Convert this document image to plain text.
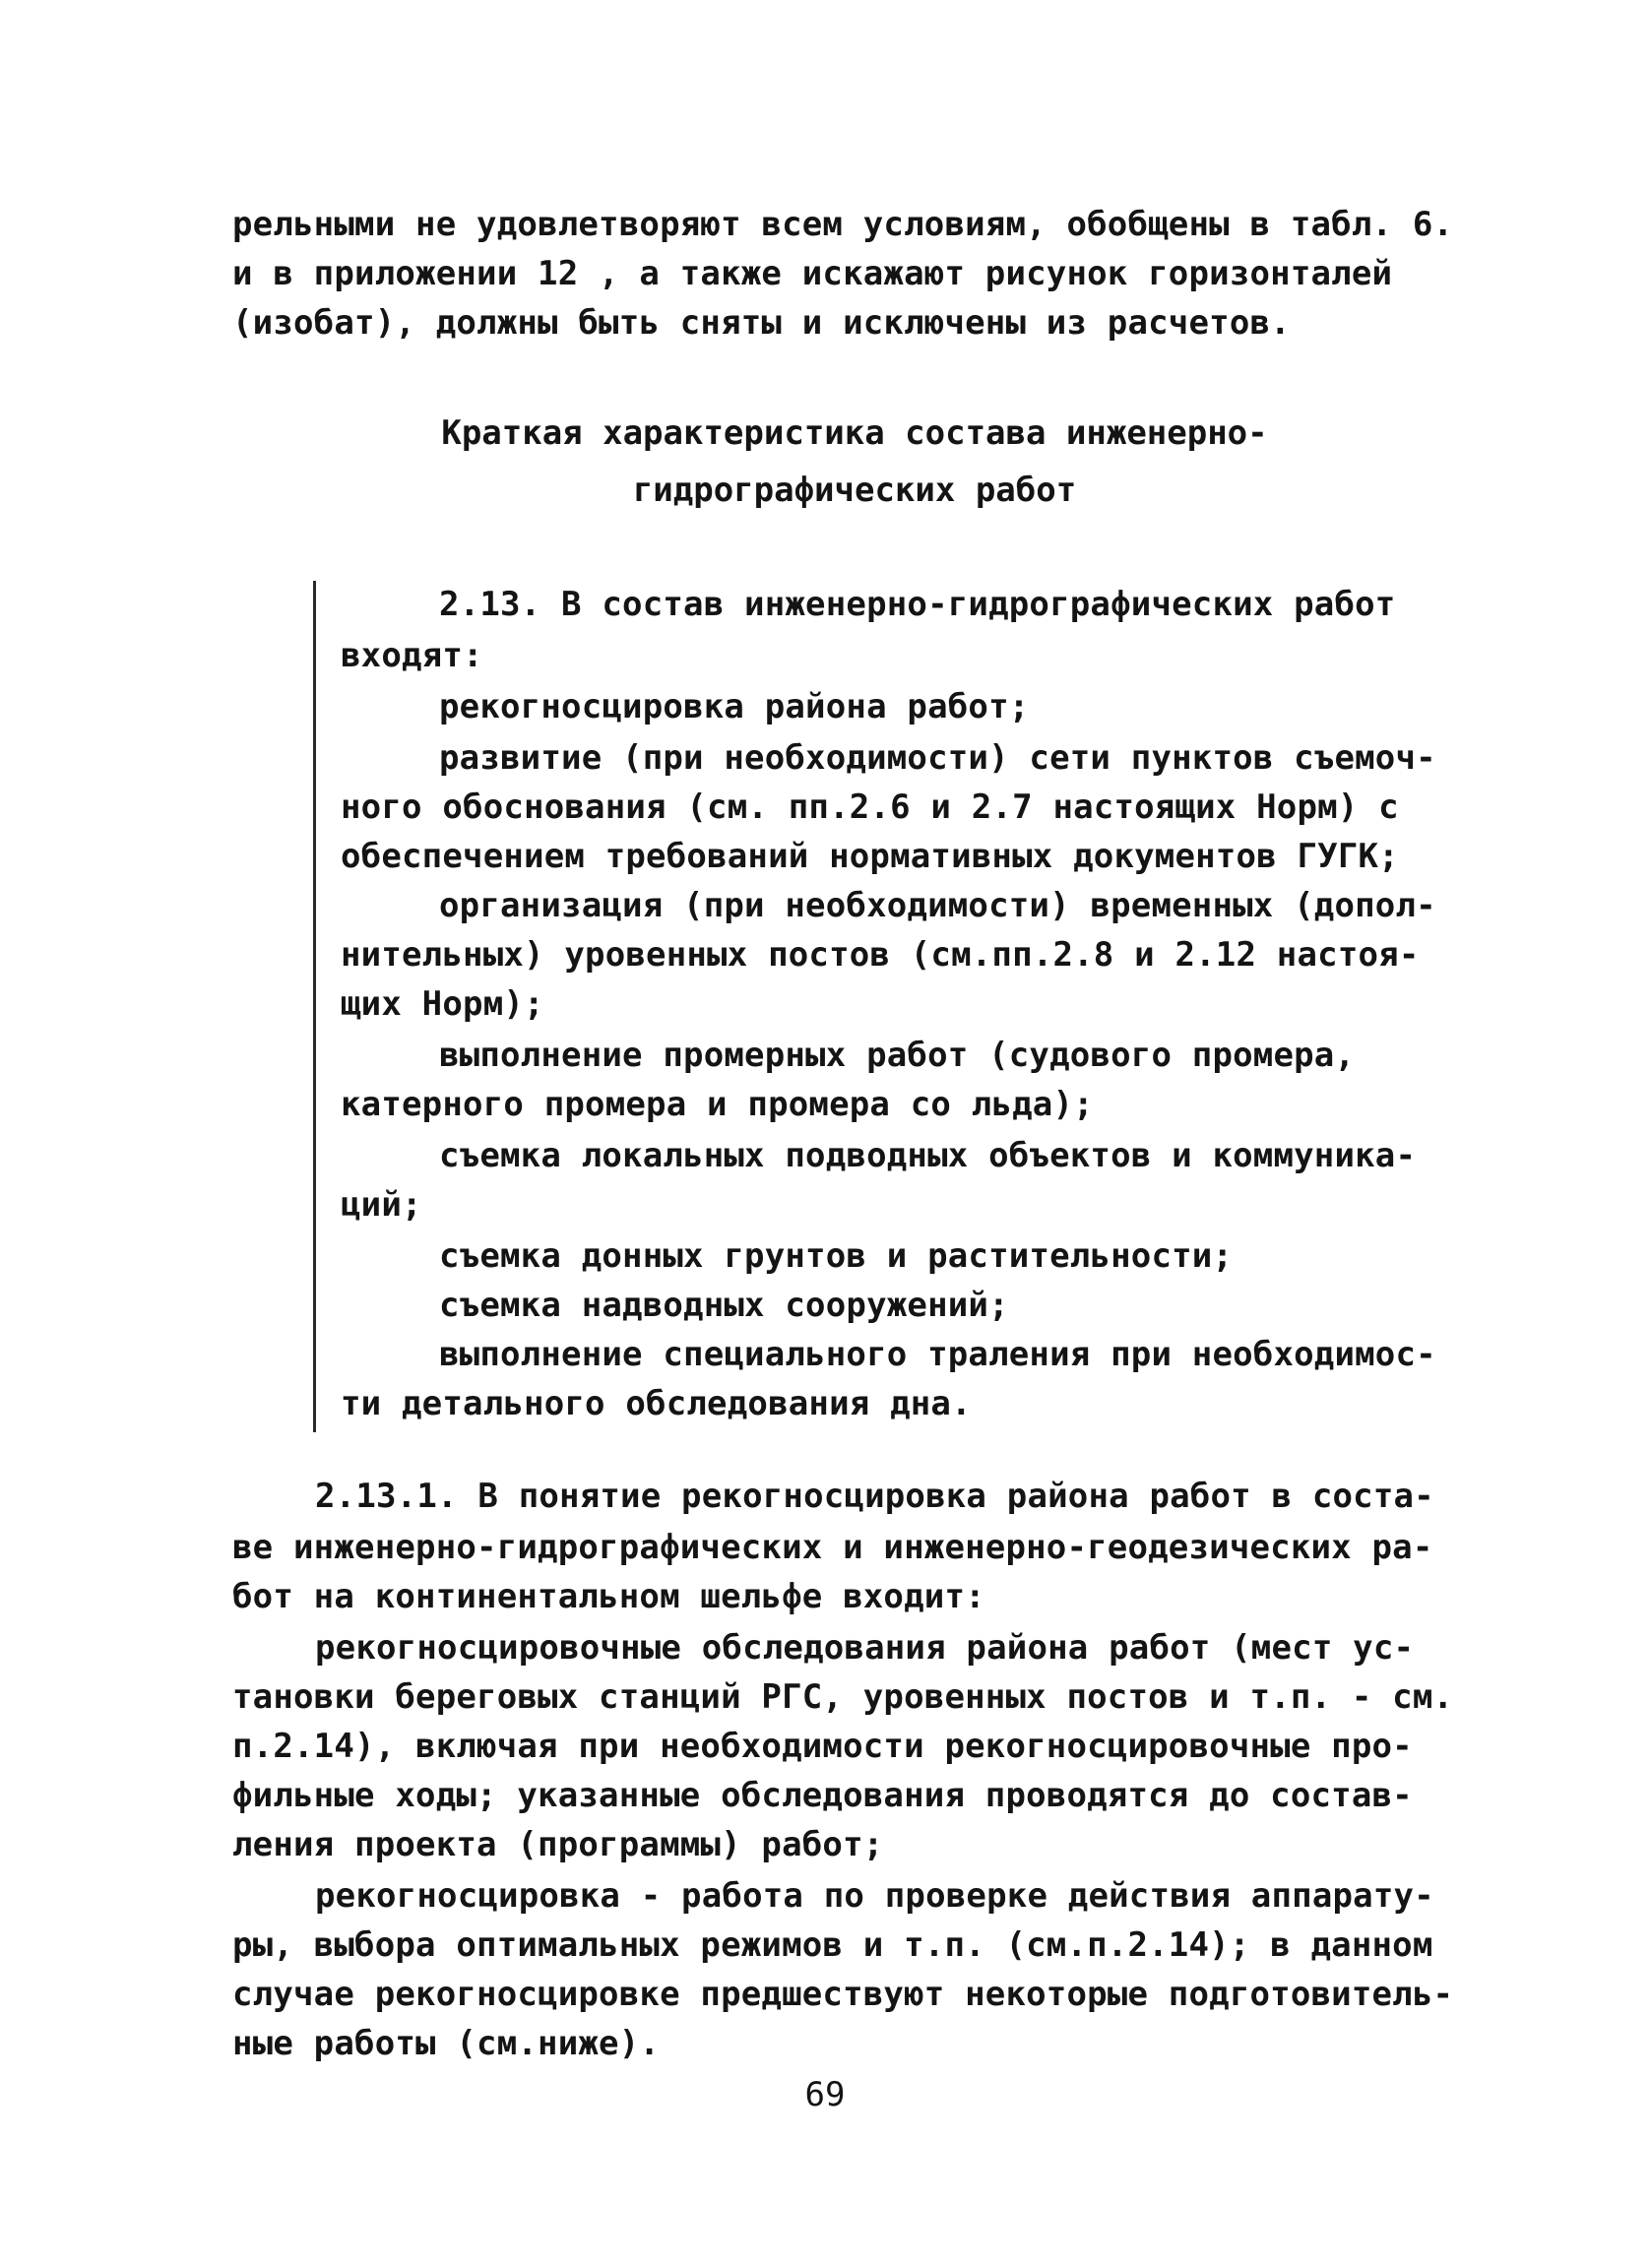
рельными не удовлетворяют всем условиям, обобщены в табл. 6.
и в приложении 12 , а также искажают рисунок горизонталей
(изобат), должны быть сняты и исключены из расчетов.
Краткая характеристика состава инженерно-
гидрографических работ
2.13. В состав инженерно-гидрографических работ
входят:
рекогносцировка района работ;
развитие (при необходимости) сети пунктов съемоч-
ного обоснования (см. пп.2.6 и 2.7 настоящих Норм) с
обеспечением требований нормативных документов ГУГК;
организация (при необходимости) временных (допол-
нительных) уровенных постов (см.пп.2.8 и 2.12 настоя-
щих Норм);
выполнение промерных работ (судового промера,
катерного промера и промера со льда);
съемка локальных подводных объектов и коммуника-
ций;
съемка донных грунтов и растительности;
съемка надводных сооружений;
выполнение специального траления при необходимос-
ти детального обследования дна.
2.13.1. В понятие рекогносцировка района работ в соста-
ве инженерно-гидрографических и инженерно-геодезических ра-
бот на континентальном шельфе входит:
рекогносцировочные обследования района работ (мест ус-
тановки береговых станций РГС, уровенных постов и т.п. - см.
п.2.14), включая при необходимости рекогносцировочные про-
фильные ходы; указанные обследования проводятся до состав-
ления проекта (программы) работ;
рекогносцировка - работа по проверке действия аппарату-
ры, выбора оптимальных режимов и т.п. (см.п.2.14); в данном
случае рекогносцировке предшествуют некоторые подготовитель-
ные работы (см.ниже).
69
